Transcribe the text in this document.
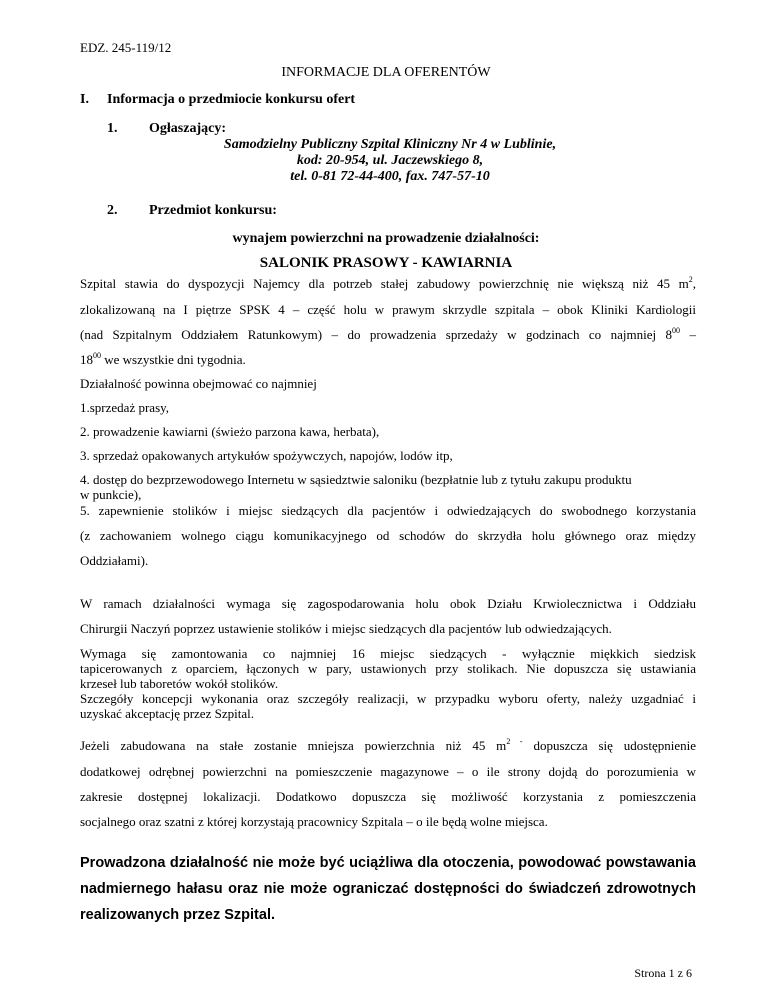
EDZ. 245-119/12
INFORMACJE DLA OFERENTÓW
I. Informacja o przedmiocie konkursu ofert
1. Ogłaszający:
Samodzielny Publiczny Szpital Kliniczny Nr 4 w Lublinie,
kod: 20-954, ul. Jaczewskiego 8,
tel. 0-81 72-44-400, fax. 747-57-10
2. Przedmiot konkursu:
wynajem powierzchni na prowadzenie działalności:
SALONIK PRASOWY - KAWIARNIA
Szpital stawia do dyspozycji Najemcy dla potrzeb stałej zabudowy powierzchnię nie większą niż 45 $m^2$,
zlokalizowaną na I piętrze SPSK 4 – część holu w prawym skrzydle szpitala – obok Kliniki Kardiologii
(nad Szpitalnym Oddziałem Ratunkowym) – do prowadzenia sprzedaży w godzinach co najmniej $8^{00}$ –
$18^{00}$ we wszystkie dni tygodnia.
Działalność powinna obejmować co najmniej
1.sprzedaż prasy,
2. prowadzenie kawiarni (świeżo parzona kawa, herbata),
3. sprzedaż opakowanych artykułów spożywczych, napojów, lodów itp,
4. dostęp do bezprzewodowego Internetu w sąsiedztwie saloniku (bezpłatnie lub z tytułu zakupu produktu
w punkcie),
5. zapewnienie stolików i miejsc siedzących dla pacjentów i odwiedzających do swobodnego korzystania
(z zachowaniem wolnego ciągu komunikacyjnego od schodów do skrzydła holu głównego oraz między
Oddziałami).
W ramach działalności wymaga się zagospodarowania holu obok Działu Krwiolecznictwa i Oddziału
Chirurgii Naczyń poprzez ustawienie stolików i miejsc siedzących dla pacjentów lub odwiedzających.
Wymaga się zamontowania co najmniej 16 miejsc siedzących - wyłącznie miękkich siedzisk
tapicerowanych z oparciem, łączonych w pary, ustawionych przy stolikach. Nie dopuszcza się ustawiania
krzeseł lub taboretów wokół stolików.
Szczegóły koncepcji wykonania oraz szczegóły realizacji, w przypadku wyboru oferty, należy uzgadniać i
uzyskać akceptację przez Szpital.
Jeżeli zabudowana na stałe zostanie mniejsza powierzchnia niż 45 $m^{2 -}$ dopuszcza się udostępnienie
dodatkowej odrębnej powierzchni na pomieszczenie magazynowe – o ile strony dojdą do porozumienia w
zakresie dostępnej lokalizacji. Dodatkowo dopuszcza się możliwość korzystania z pomieszczenia
socjalnego oraz szatni z której korzystają pracownicy Szpitala – o ile będą wolne miejsca.
Prowadzona działalność nie może być uciążliwa dla otoczenia, powodować powstawania
nadmiernego hałasu oraz nie może ograniczać dostępności do świadczeń zdrowotnych
realizowanych przez Szpital.
Strona 1 z 6
